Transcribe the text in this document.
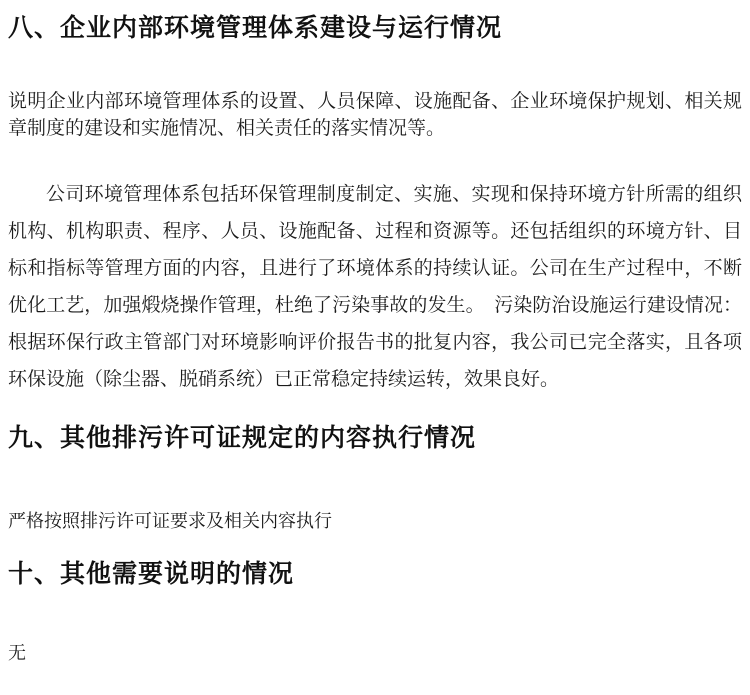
八、企业内部环境管理体系建设与运行情况

说明企业内部环境管理体系的设置、人员保障、设施配备、企业环境保护规划、相关规章制度的建设和实施情况、相关责任的落实情况等。

公司环境管理体系包括环保管理制度制定、实施、实现和保持环境方针所需的组织机构、机构职责、程序、人员、设施配备、过程和资源等。还包括组织的环境方针、目标和指标等管理方面的内容，且进行了环境体系的持续认证。公司在生产过程中，不断优化工艺，加强煅烧操作管理，杜绝了污染事故的发生。　污染防治设施运行建设情况：根据环保行政主管部门对环境影响评价报告书的批复内容，我公司已完全落实，且各项环保设施（除尘器、脱硝系统）已正常稳定持续运转，效果良好。

九、其他排污许可证规定的内容执行情况

严格按照排污许可证要求及相关内容执行

十、其他需要说明的情况

无
